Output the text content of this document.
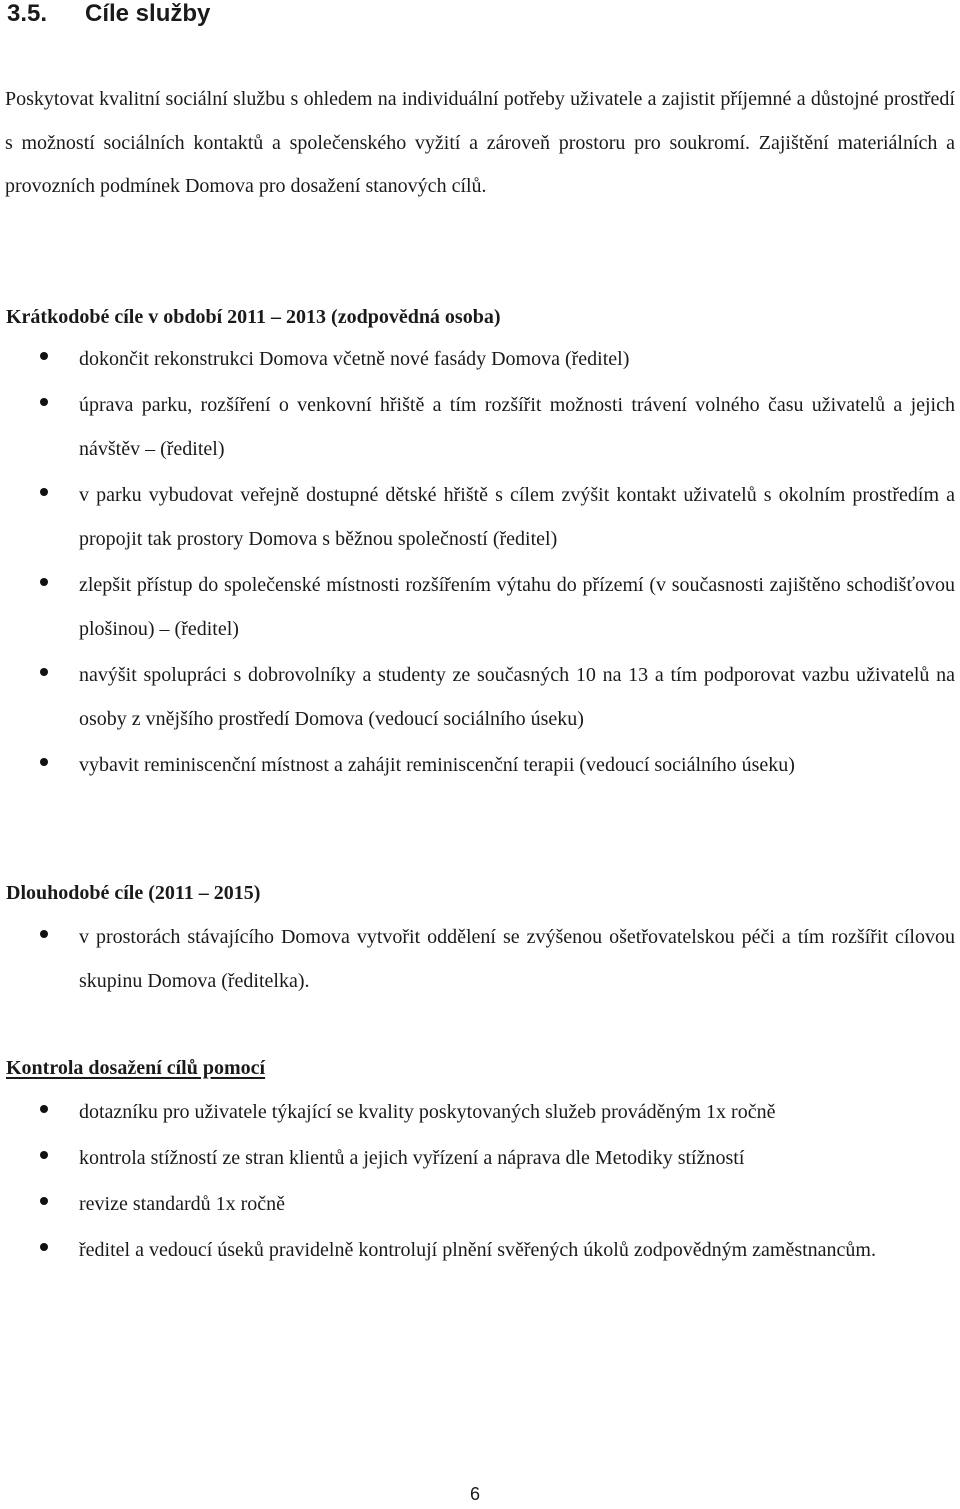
3.5. Cíle služby

Poskytovat kvalitní sociální službu s ohledem na individuální potřeby uživatele a zajistit příjemné a důstojné prostředí s možností sociálních kontaktů a společenského vyžití a zároveň prostoru pro soukromí. Zajištění materiálních a provozních podmínek Domova pro dosažení stanových cílů.

Krátkodobé cíle v období 2011 – 2013 (zodpovědná osoba)
dokončit rekonstrukci Domova včetně nové fasády Domova (ředitel)
úprava parku, rozšíření o venkovní hřiště a tím rozšířit možnosti trávení volného času uživatelů a jejich návštěv – (ředitel)
v parku vybudovat veřejně dostupné dětské hřiště s cílem zvýšit kontakt uživatelů s okolním prostředím a propojit tak prostory Domova s běžnou společností (ředitel)
zlepšit přístup do společenské místnosti rozšířením výtahu do přízemí (v současnosti zajištěno schodišťovou plošinou) – (ředitel)
navýšit spolupráci s dobrovolníky a studenty ze současných 10 na 13 a tím podporovat vazbu uživatelů na osoby z vnějšího prostředí Domova (vedoucí sociálního úseku)
vybavit reminiscenční místnost a zahájit reminiscenční terapii (vedoucí sociálního úseku)
Dlouhodobé cíle (2011 – 2015)
v prostorách stávajícího Domova vytvořit oddělení se zvýšenou ošetřovatelskou péči a tím rozšířit cílovou skupinu Domova (ředitelka).
Kontrola dosažení cílů pomocí
dotazníku pro uživatele týkající se kvality poskytovaných služeb prováděným 1x ročně
kontrola stížností ze stran klientů a jejich vyřízení a náprava dle Metodiky stížností
revize standardů 1x ročně
ředitel a vedoucí úseků pravidelně kontrolují plnění svěřených úkolů zodpovědným zaměstnancům.
6
